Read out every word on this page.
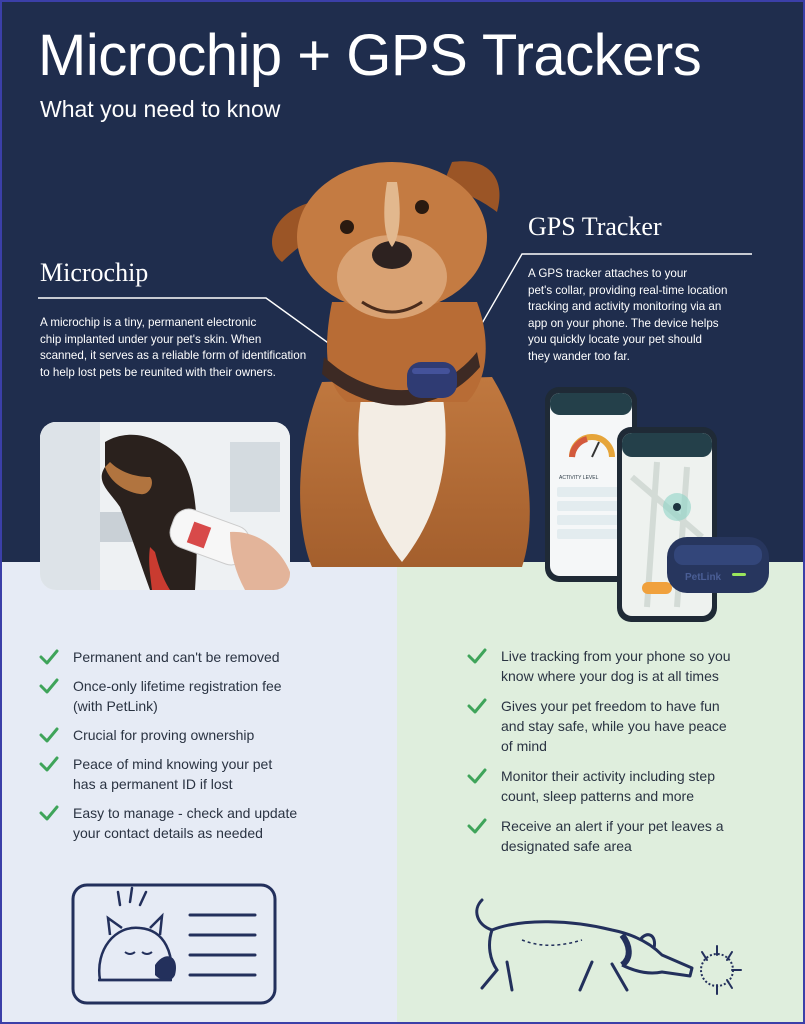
Microchip + GPS Trackers
What you need to know
Microchip
A microchip is a tiny, permanent electronic
chip implanted under your pet's skin. When
scanned, it serves as a reliable form of identification
to help lost pets be reunited with their owners.
GPS Tracker
A GPS tracker attaches to your
pet's collar, providing real-time location
tracking and activity monitoring via an
app on your phone. The device helps
you quickly locate your pet should
they wander too far.
ACTIVITY LEVEL
PetLink
Permanent and can't be removed
Once-only lifetime registration fee
(with PetLink)
Crucial for proving ownership
Peace of mind knowing your pet
has a permanent ID if lost
Easy to manage - check and update
your contact details as needed
Live tracking from your phone so you
know where your dog is at all times
Gives your pet freedom to have fun
and stay safe, while you have peace
of mind
Monitor their activity including step
count, sleep patterns and more
Receive an alert if your pet leaves a
designated safe area
